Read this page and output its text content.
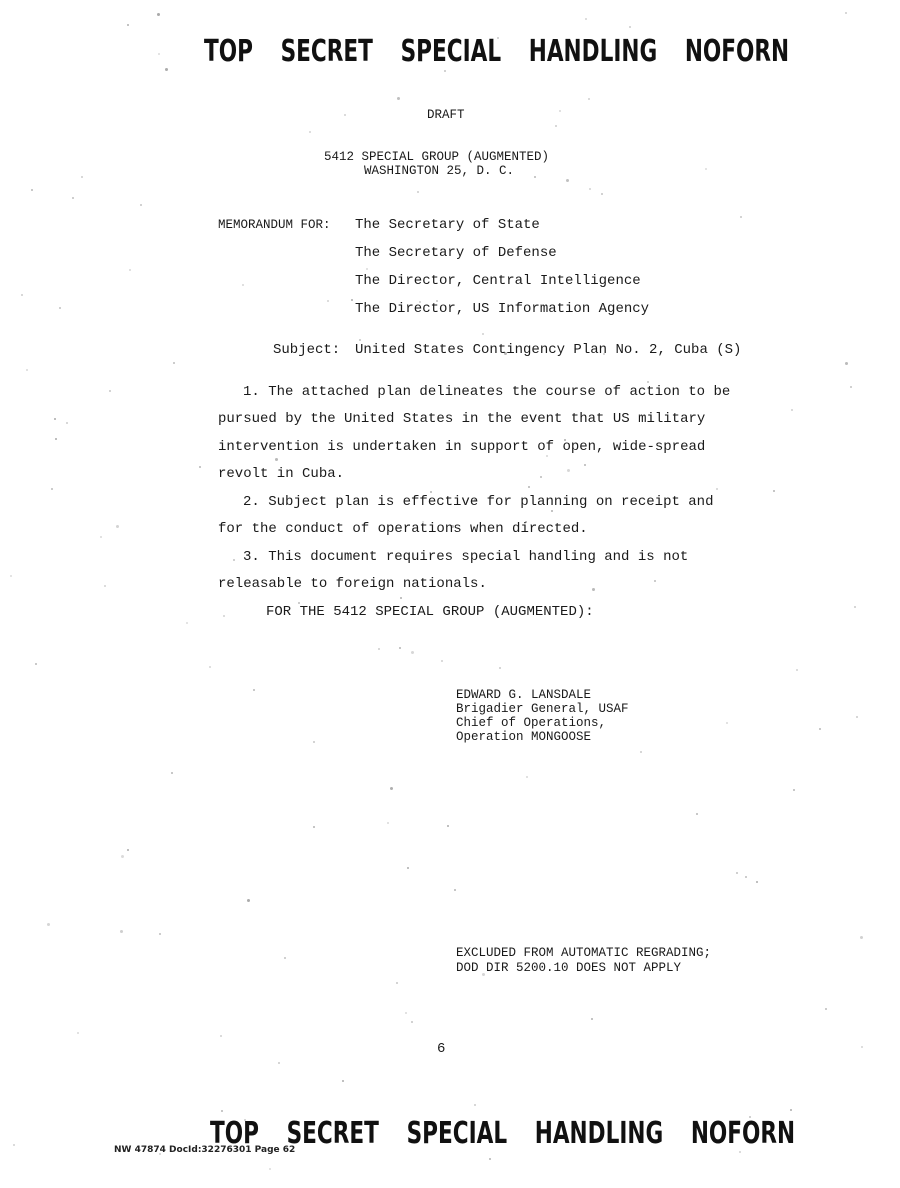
TOP SECRET SPECIAL HANDLING NOFORN
DRAFT
5412 SPECIAL GROUP (AUGMENTED)
WASHINGTON 25, D. C.
MEMORANDUM FOR: The Secretary of State
The Secretary of Defense
The Director, Central Intelligence
The Director, US Information Agency
Subject: United States Contingency Plan No. 2, Cuba (S)
1. The attached plan delineates the course of action to be
pursued by the United States in the event that US military
intervention is undertaken in support of open, wide-spread
revolt in Cuba.
2. Subject plan is effective for planning on receipt and
for the conduct of operations when directed.
3. This document requires special handling and is not
releasable to foreign nationals.
FOR THE 5412 SPECIAL GROUP (AUGMENTED):
EDWARD G. LANSDALE
Brigadier General, USAF
Chief of Operations,
Operation MONGOOSE
EXCLUDED FROM AUTOMATIC REGRADING;
DOD DIR 5200.10 DOES NOT APPLY
6
NW 47874 DocId:32276301 Page 62
TOP SECRET SPECIAL HANDLING NOFORN
